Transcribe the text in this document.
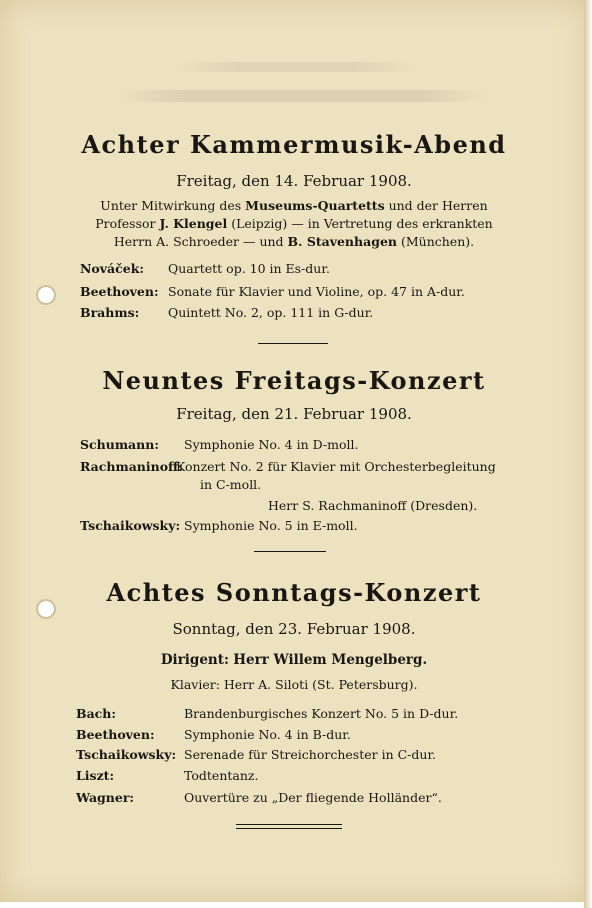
Achter Kammermusik-Abend
Freitag, den 14. Februar 1908.
Unter Mitwirkung des Museums-Quartetts und der Herren
Professor J. Klengel (Leipzig) — in Vertretung des erkrankten
Herrn A. Schroeder — und B. Stavenhagen (München).
Nováček: Quartett op. 10 in Es-dur.
Beethoven: Sonate für Klavier und Violine, op. 47 in A-dur.
Brahms: Quintett No. 2, op. 111 in G-dur.
Neuntes Freitags-Konzert
Freitag, den 21. Februar 1908.
Schumann: Symphonie No. 4 in D-moll.
Rachmaninoff:
Konzert No. 2 für Klavier mit Orchesterbegleitung
in C-moll.
Herr S. Rachmaninoff (Dresden).
Tschaikowsky: Symphonie No. 5 in E-moll.
Achtes Sonntags-Konzert
Sonntag, den 23. Februar 1908.
Dirigent: Herr Willem Mengelberg.
Klavier: Herr A. Siloti (St. Petersburg).
Bach:	Brandenburgisches Konzert No. 5 in D-dur.
Beethoven: Symphonie No. 4 in B-dur.
Tschaikowsky: Serenade für Streichorchester in C-dur.
Liszt:	Todtentanz.
Wagner:	Ouvertüre zu „Der fliegende Holländer“.
